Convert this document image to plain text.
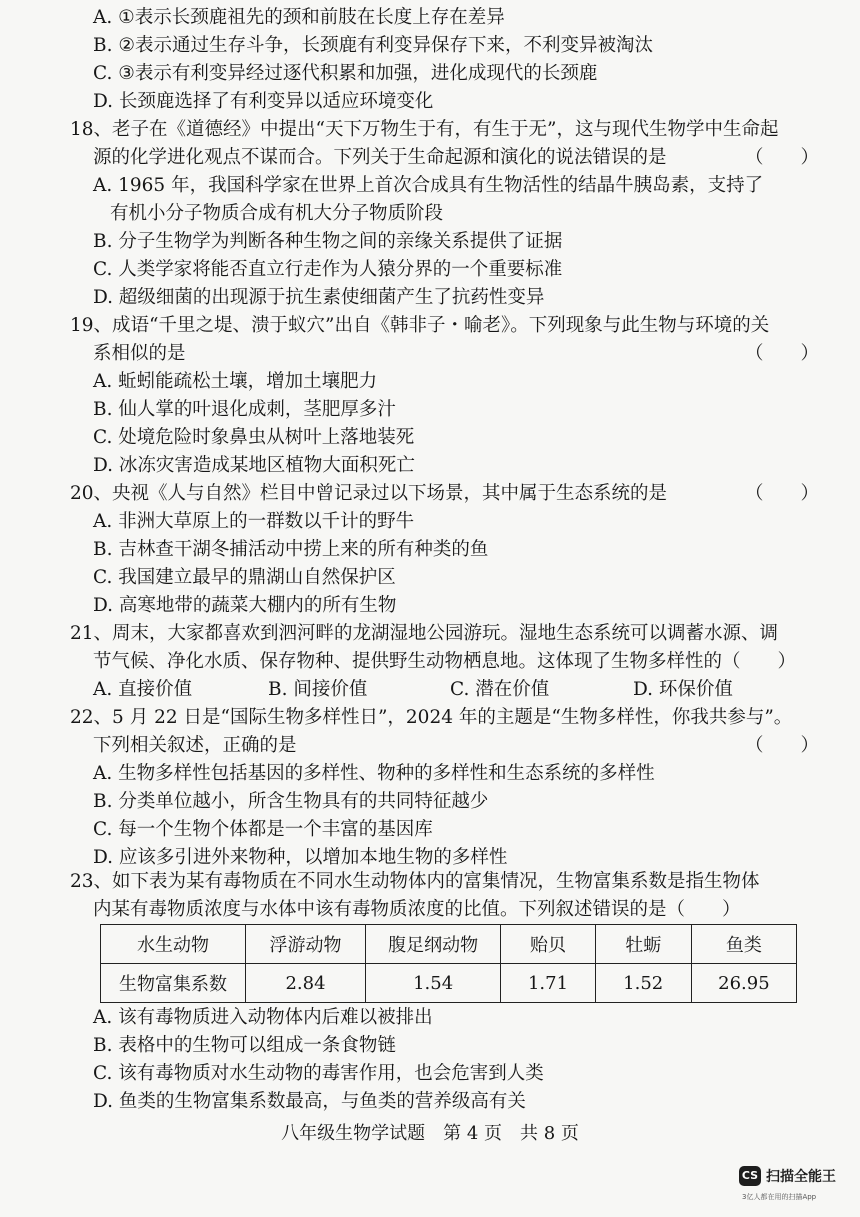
A. ①表示长颈鹿祖先的颈和前肢在长度上存在差异
B. ②表示通过生存斗争，长颈鹿有利变异保存下来，不利变异被淘汰
C. ③表示有利变异经过逐代积累和加强，进化成现代的长颈鹿
D. 长颈鹿选择了有利变异以适应环境变化
18、老子在《道德经》中提出“天下万物生于有，有生于无”，这与现代生物学中生命起
源的化学进化观点不谋而合。下列关于生命起源和演化的说法错误的是	（　　）
A. 1965 年，我国科学家在世界上首次合成具有生物活性的结晶牛胰岛素，支持了
有机小分子物质合成有机大分子物质阶段
B. 分子生物学为判断各种生物之间的亲缘关系提供了证据
C. 人类学家将能否直立行走作为人猿分界的一个重要标准
D. 超级细菌的出现源于抗生素使细菌产生了抗药性变异
19、成语“千里之堤、溃于蚁穴”出自《韩非子・喻老》。下列现象与此生物与环境的关
系相似的是	（　　）
A. 蚯蚓能疏松土壤，增加土壤肥力
B. 仙人掌的叶退化成刺，茎肥厚多汁
C. 处境危险时象鼻虫从树叶上落地装死
D. 冰冻灾害造成某地区植物大面积死亡
20、央视《人与自然》栏目中曾记录过以下场景，其中属于生态系统的是	（　　）
A. 非洲大草原上的一群数以千计的野牛
B. 吉林查干湖冬捕活动中捞上来的所有种类的鱼
C. 我国建立最早的鼎湖山自然保护区
D. 高寒地带的蔬菜大棚内的所有生物
21、周末，大家都喜欢到泗河畔的龙湖湿地公园游玩。湿地生态系统可以调蓄水源、调
节气候、净化水质、保存物种、提供野生动物栖息地。这体现了生物多样性的（　　）
A. 直接价值	B. 间接价值	C. 潜在价值	D. 环保价值
22、5 月 22 日是“国际生物多样性日”，2024 年的主题是“生物多样性，你我共参与”。
下列相关叙述，正确的是	（　　）
A. 生物多样性包括基因的多样性、物种的多样性和生态系统的多样性
B. 分类单位越小，所含生物具有的共同特征越少
C. 每一个生物个体都是一个丰富的基因库
D. 应该多引进外来物种，以增加本地生物的多样性
23、如下表为某有毒物质在不同水生动物体内的富集情况，生物富集系数是指生物体
内某有毒物质浓度与水体中该有毒物质浓度的比值。下列叙述错误的是（　　）
水生动物	浮游动物	腹足纲动物	贻贝	牡蛎	鱼类
生物富集系数	2.84	1.54	1.71	1.52	26.95
A. 该有毒物质进入动物体内后难以被排出
B. 表格中的生物可以组成一条食物链
C. 该有毒物质对水生动物的毒害作用，也会危害到人类
D. 鱼类的生物富集系数最高，与鱼类的营养级高有关
八年级生物学试题　第 4 页　共 8 页
CS 扫描全能王
3亿人都在用的扫描App
